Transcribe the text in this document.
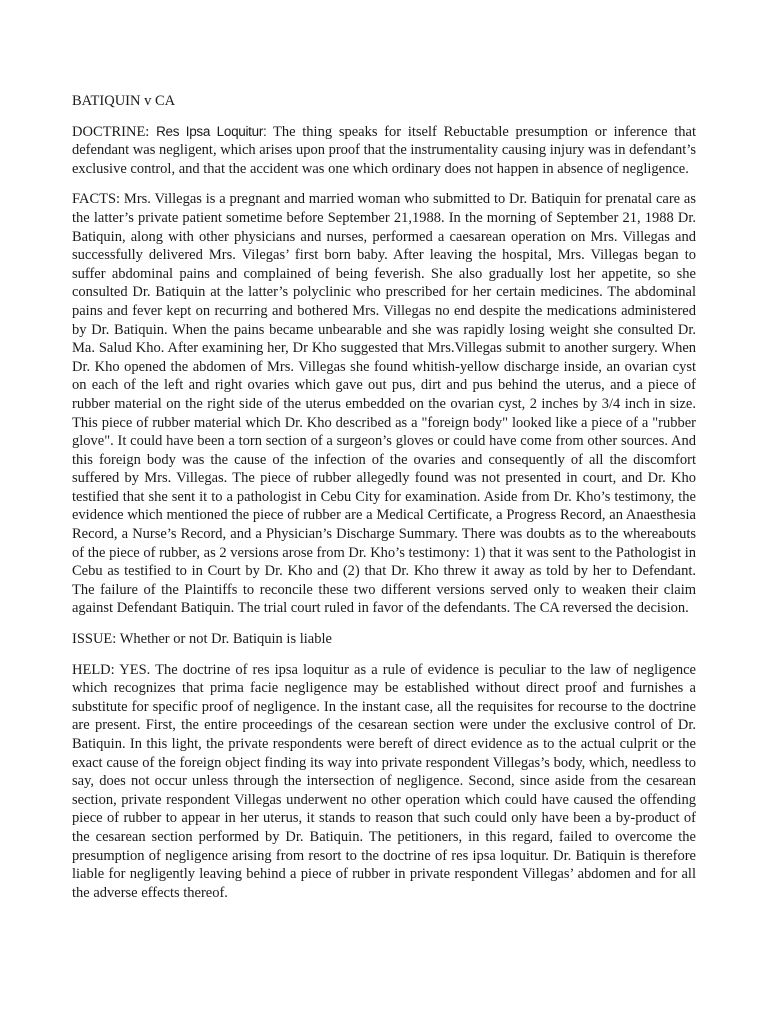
BATIQUIN v CA

DOCTRINE: Res Ipsa Loquitur: The thing speaks for itself Rebuctable presumption or inference that defendant was negligent, which arises upon proof that the instrumentality causing injury was in defendant’s exclusive control, and that the accident was one which ordinary does not happen in absence of negligence.

FACTS: Mrs. Villegas is a pregnant and married woman who submitted to Dr. Batiquin for prenatal care as the latter’s private patient sometime before September 21,1988. In the morning of September 21, 1988 Dr. Batiquin, along with other physicians and nurses, performed a caesarean operation on Mrs. Villegas and successfully delivered Mrs. Vilegas’ first born baby. After leaving the hospital, Mrs. Villegas began to suffer abdominal pains and complained of being feverish. She also gradually lost her appetite, so she consulted Dr. Batiquin at the latter’s polyclinic who prescribed for her certain medicines. The abdominal pains and fever kept on recurring and bothered Mrs. Villegas no end despite the medications administered by Dr. Batiquin. When the pains became unbearable and she was rapidly losing weight she consulted Dr. Ma. Salud Kho. After examining her, Dr Kho suggested that Mrs.Villegas submit to another surgery. When Dr. Kho opened the abdomen of Mrs. Villegas she found whitish-yellow discharge inside, an ovarian cyst on each of the left and right ovaries which gave out pus, dirt and pus behind the uterus, and a piece of rubber material on the right side of the uterus embedded on the ovarian cyst, 2 inches by 3/4 inch in size. This piece of rubber material which Dr. Kho described as a "foreign body" looked like a piece of a "rubber glove". It could have been a torn section of a surgeon’s gloves or could have come from other sources. And this foreign body was the cause of the infection of the ovaries and consequently of all the discomfort suffered by Mrs. Villegas. The piece of rubber allegedly found was not presented in court, and Dr. Kho testified that she sent it to a pathologist in Cebu City for examination. Aside from Dr. Kho’s testimony, the evidence which mentioned the piece of rubber are a Medical Certificate, a Progress Record, an Anaesthesia Record, a Nurse’s Record, and a Physician’s Discharge Summary. There was doubts as to the whereabouts of the piece of rubber, as 2 versions arose from Dr. Kho’s testimony: 1) that it was sent to the Pathologist in Cebu as testified to in Court by Dr. Kho and (2) that Dr. Kho threw it away as told by her to Defendant. The failure of the Plaintiffs to reconcile these two different versions served only to weaken their claim against Defendant Batiquin. The trial court ruled in favor of the defendants. The CA reversed the decision.

ISSUE: Whether or not Dr. Batiquin is liable

HELD: YES. The doctrine of res ipsa loquitur as a rule of evidence is peculiar to the law of negligence which recognizes that prima facie negligence may be established without direct proof and furnishes a substitute for specific proof of negligence. In the instant case, all the requisites for recourse to the doctrine are present. First, the entire proceedings of the cesarean section were under the exclusive control of Dr. Batiquin. In this light, the private respondents were bereft of direct evidence as to the actual culprit or the exact cause of the foreign object finding its way into private respondent Villegas’s body, which, needless to say, does not occur unless through the intersection of negligence. Second, since aside from the cesarean section, private respondent Villegas underwent no other operation which could have caused the offending piece of rubber to appear in her uterus, it stands to reason that such could only have been a by-product of the cesarean section performed by Dr. Batiquin. The petitioners, in this regard, failed to overcome the presumption of negligence arising from resort to the doctrine of res ipsa loquitur. Dr. Batiquin is therefore liable for negligently leaving behind a piece of rubber in private respondent Villegas’ abdomen and for all the adverse effects thereof.
